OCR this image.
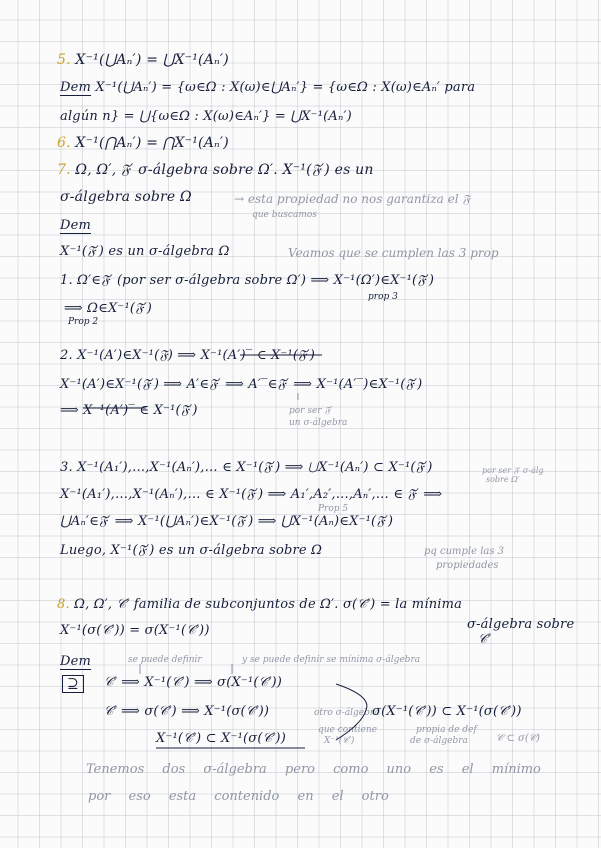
5. X⁻¹(⋃Aₙ′) = ⋃X⁻¹(Aₙ′)
Dem X⁻¹(⋃Aₙ′) = {ω∈Ω : X(ω)∈⋃Aₙ′} = {ω∈Ω : X(ω)∈Aₙ′ para
algún n} = ⋃{ω∈Ω : X(ω)∈Aₙ′} = ⋃X⁻¹(Aₙ′)
6. X⁻¹(⋂Aₙ′) = ⋂X⁻¹(Aₙ′)
7. Ω, Ω′, 𝔉′ σ-álgebra sobre Ω′. X⁻¹(𝔉′) es un
σ-álgebra sobre Ω	→ esta propiedad no nos garantiza el 𝔉
que buscamos
Dem
X⁻¹(𝔉′) es un σ-álgebra Ω	Veamos que se cumplen las 3 prop
1. Ω′∈𝔉′ (por ser σ-álgebra sobre Ω′) ⟹ X⁻¹(Ω′)∈X⁻¹(𝔉′)
prop 3
⟹ Ω∈X⁻¹(𝔉′)
Prop 2
2. X⁻¹(A′)∈X⁻¹(𝔉) ⟹ X⁻¹(A′)‾ ∈ X⁻¹(𝔉′)
X⁻¹(A′)∈X⁻¹(𝔉′) ⟹ A′∈𝔉′ ⟹ A′‾∈𝔉′ ⟹ X⁻¹(A′‾)∈X⁻¹(𝔉′)
⟹ X⁻¹(A′)‾ ∈ X⁻¹(𝔉′)	por ser 𝔉′
un σ-álgebra
3. X⁻¹(A₁′),…,X⁻¹(Aₙ′),… ∈ X⁻¹(𝔉′) ⟹ ⋃X⁻¹(Aₙ′) ⊂ X⁻¹(𝔉′)	por ser 𝔉′ σ-álg
sobre Ω′
X⁻¹(A₁′),…,X⁻¹(Aₙ′),… ∈ X⁻¹(𝔉′) ⟹ A₁′,A₂′,…,Aₙ′,… ∈ 𝔉′ ⟹
Prop 5
⋃Aₙ′∈𝔉′ ⟹ X⁻¹(⋃Aₙ′)∈X⁻¹(𝔉′) ⟹ ⋃X⁻¹(Aₙ)∈X⁻¹(𝔉′)
Luego, X⁻¹(𝔉′) es un σ-álgebra sobre Ω	pq cumple las 3
propiedades
8. Ω, Ω′, 𝒞′ familia de subconjuntos de Ω′. σ(𝒞′) = la mínima
X⁻¹(σ(𝒞′)) = σ(X⁻¹(𝒞′))	σ-álgebra sobre
𝒞′
Dem	se puede definir	y se puede definir se mínima σ-álgebra
⊇	𝒞′ ⟹ X⁻¹(𝒞′) ⟹ σ(X⁻¹(𝒞′))
𝒞′ ⟹ σ(𝒞′) ⟹ X⁻¹(σ(𝒞′))	otro σ-álgebra
σ(X⁻¹(𝒞′)) ⊂ X⁻¹(σ(𝒞′))
X⁻¹(𝒞′) ⊂ X⁻¹(σ(𝒞′))
que contiene
X⁻¹(𝒞′)
propia de def
de σ-álgebra	𝒞 ⊂ σ(𝒞)
Tenemos dos σ-álgebra pero como uno es el mínimo
por eso esta contenido en el otro
